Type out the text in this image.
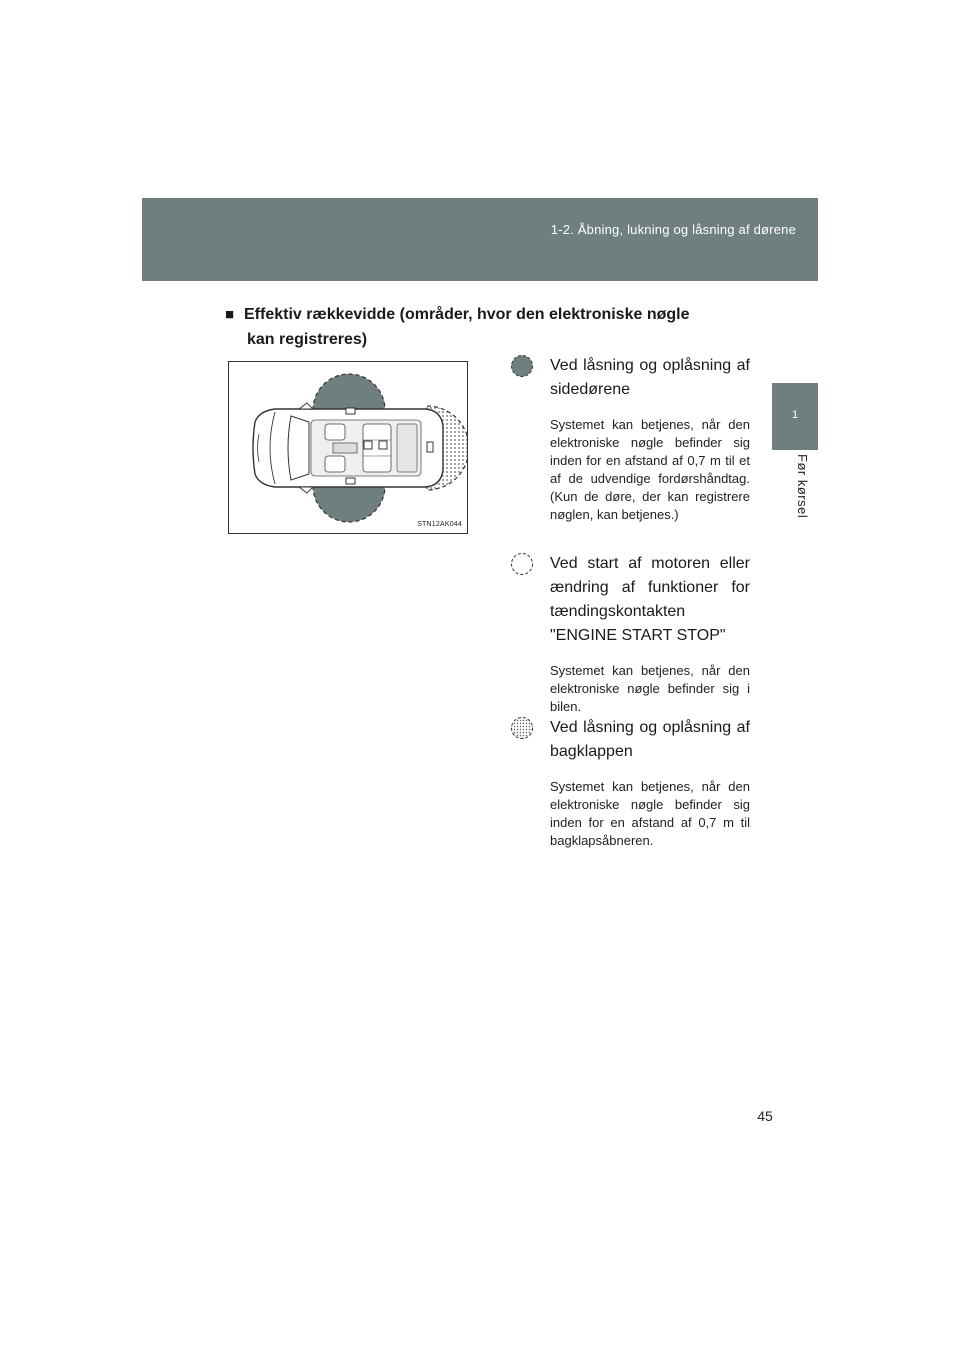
1-2. Åbning, lukning og låsning af dørene
1
Før kørsel
■ Effektiv rækkevidde (områder, hvor den elektroniske nøgle
kan registreres)
STN12AK044
Ved låsning og oplåsning af sidedørene
Systemet kan betjenes, når den elektroniske nøgle befinder sig inden for en afstand af 0,7 m til et af de udvendige fordørshåndtag. (Kun de døre, der kan registrere nøglen, kan betjenes.)
Ved start af motoren eller ændring af funktioner for tændingskontakten "ENGINE START STOP"
Systemet kan betjenes, når den elektroniske nøgle befinder sig i bilen.
Ved låsning og oplåsning af bagklappen
Systemet kan betjenes, når den elektroniske nøgle befinder sig inden for en afstand af 0,7 m til bagklapsåbneren.
45
